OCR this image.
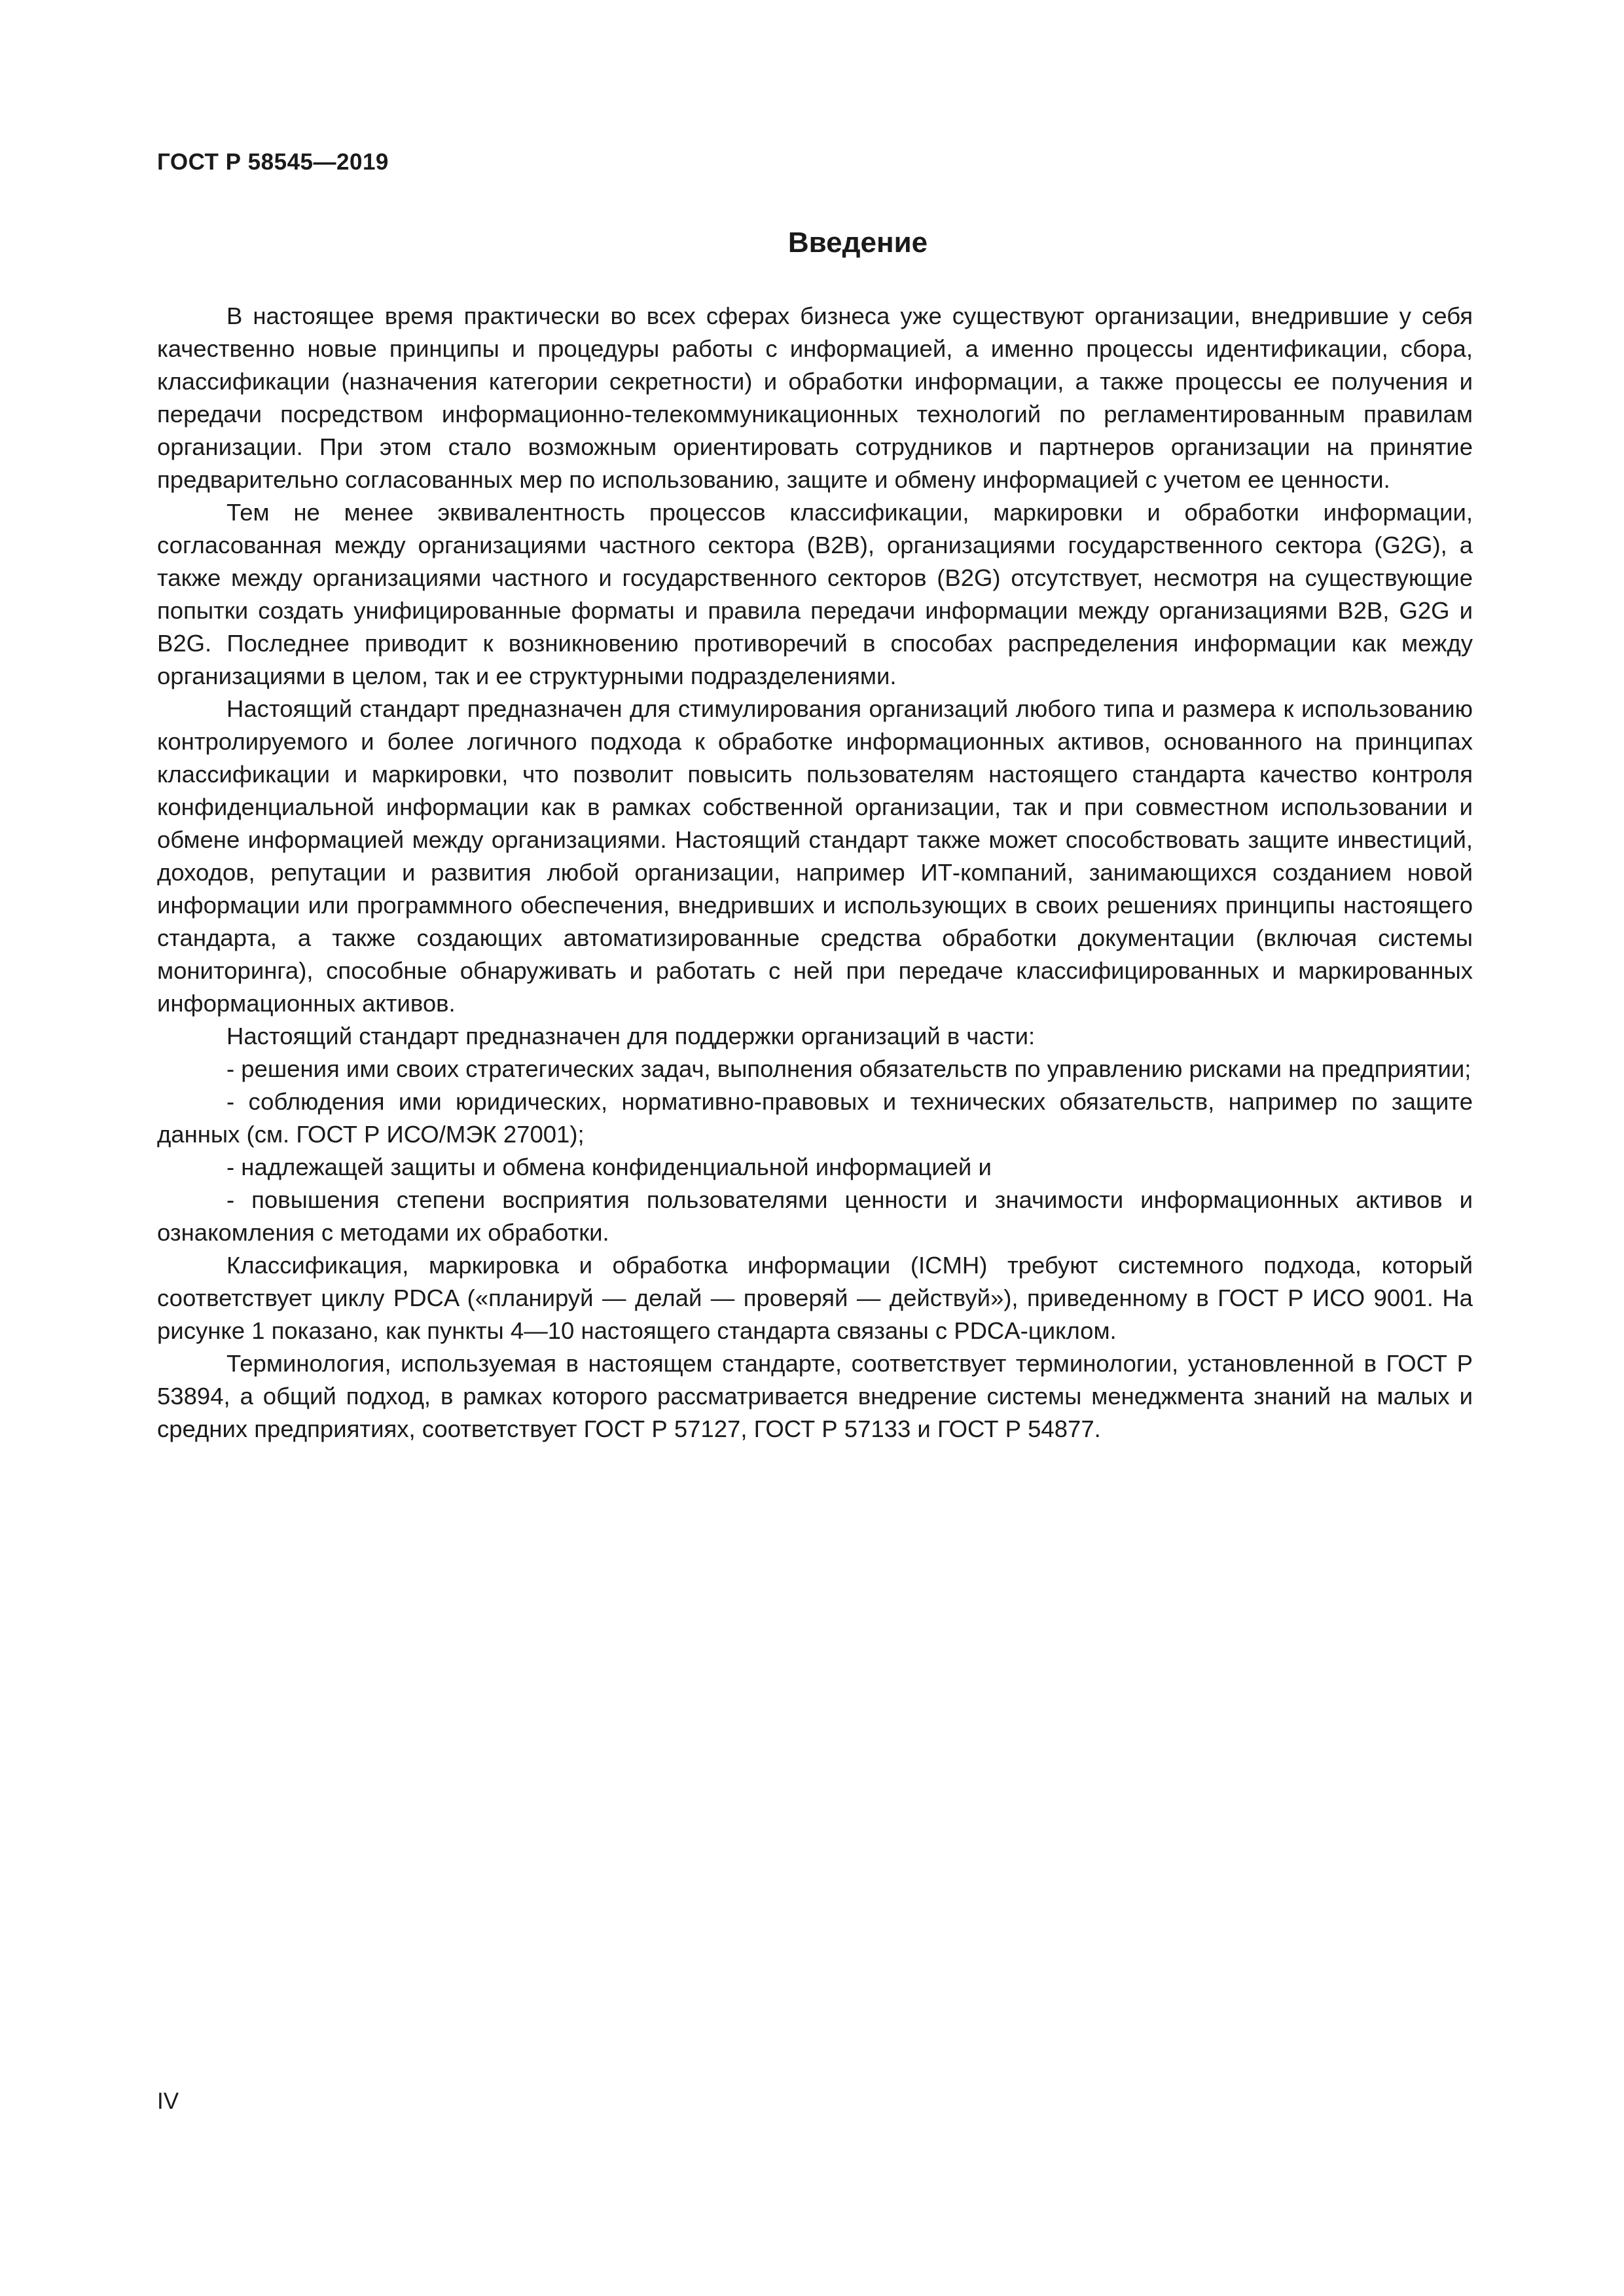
ГОСТ Р 58545—2019
Введение

В настоящее время практически во всех сферах бизнеса уже существуют организации, внедрившие у себя качественно новые принципы и процедуры работы с информацией, а именно процессы идентификации, сбора, классификации (назначения категории секретности) и обработки информации, а также процессы ее получения и передачи посредством информационно-телекоммуникационных технологий по регламентированным правилам организации. При этом стало возможным ориентировать сотрудников и партнеров организации на принятие предварительно согласованных мер по использованию, защите и обмену информацией с учетом ее ценности.

Тем не менее эквивалентность процессов классификации, маркировки и обработки информации, согласованная между организациями частного сектора (B2B), организациями государственного сектора (G2G), а также между организациями частного и государственного секторов (B2G) отсутствует, несмотря на существующие попытки создать унифицированные форматы и правила передачи информации между организациями B2B, G2G и B2G. Последнее приводит к возникновению противоречий в способах распределения информации как между организациями в целом, так и ее структурными подразделениями.

Настоящий стандарт предназначен для стимулирования организаций любого типа и размера к использованию контролируемого и более логичного подхода к обработке информационных активов, основанного на принципах классификации и маркировки, что позволит повысить пользователям настоящего стандарта качество контроля конфиденциальной информации как в рамках собственной организации, так и при совместном использовании и обмене информацией между организациями. Настоящий стандарт также может способствовать защите инвестиций, доходов, репутации и развития любой организации, например ИТ-компаний, занимающихся созданием новой информации или программного обеспечения, внедривших и использующих в своих решениях принципы настоящего стандарта, а также создающих автоматизированные средства обработки документации (включая системы мониторинга), способные обнаруживать и работать с ней при передаче классифицированных и маркированных информационных активов.

Настоящий стандарт предназначен для поддержки организаций в части:

- решения ими своих стратегических задач, выполнения обязательств по управлению рисками на предприятии;

- соблюдения ими юридических, нормативно-правовых и технических обязательств, например по защите данных (см. ГОСТ Р ИСО/МЭК 27001);

- надлежащей защиты и обмена конфиденциальной информацией и

- повышения степени восприятия пользователями ценности и значимости информационных активов и ознакомления с методами их обработки.

Классификация, маркировка и обработка информации (ICMH) требуют системного подхода, который соответствует циклу PDCA («планируй — делай — проверяй — действуй»), приведенному в ГОСТ Р ИСО 9001. На рисунке 1 показано, как пункты 4—10 настоящего стандарта связаны с PDCA-циклом.

Терминология, используемая в настоящем стандарте, соответствует терминологии, установленной в ГОСТ Р 53894, а общий подход, в рамках которого рассматривается внедрение системы менеджмента знаний на малых и средних предприятиях, соответствует ГОСТ Р 57127, ГОСТ Р 57133 и ГОСТ Р 54877.

IV
